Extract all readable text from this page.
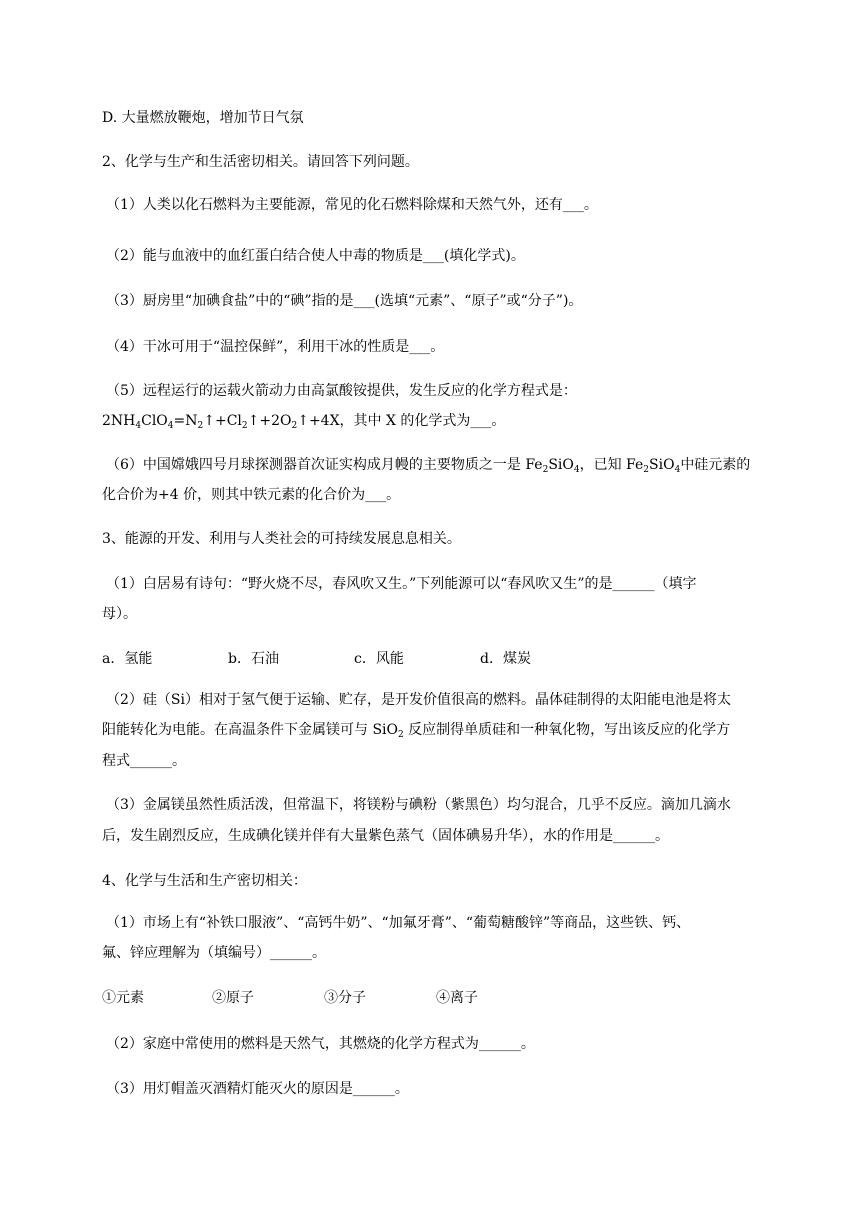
D. 大量燃放鞭炮，增加节日气氛
2、化学与生产和生活密切相关。请回答下列问题。
（1）人类以化石燃料为主要能源，常见的化石燃料除煤和天然气外，还有___。
（2）能与血液中的血红蛋白结合使人中毒的物质是___(填化学式)。
（3）厨房里“加碘食盐”中的“碘”指的是___(选填“元素”、“原子”或“分子”)。
（4）干冰可用于“温控保鲜”，利用干冰的性质是___。
（5）远程运行的运载火箭动力由高氯酸铵提供，发生反应的化学方程式是：
$2NH_4ClO_4=N_2↑+Cl_2↑+2O_2↑+4X$，其中 X 的化学式为___。
（6）中国嫦娥四号月球探测器首次证实构成月幔的主要物质之一是 $Fe_2SiO_4$，已知 $Fe_2SiO_4$中硅元素的
化合价为+4 价，则其中铁元素的化合价为___。
3、能源的开发、利用与人类社会的可持续发展息息相关。
（1）白居易有诗句：“野火烧不尽，春风吹又生。”下列能源可以“春风吹又生”的是______（填字
母）。
a．氢能	b．石油	c．风能	d．煤炭
（2）硅（Si）相对于氢气便于运输、贮存，是开发价值很高的燃料。晶体硅制得的太阳能电池是将太
阳能转化为电能。在高温条件下金属镁可与 SiO$_2$ 反应制得单质硅和一种氧化物，写出该反应的化学方
程式______。
（3）金属镁虽然性质活泼，但常温下，将镁粉与碘粉（紫黑色）均匀混合，几乎不反应。滴加几滴水
后，发生剧烈反应，生成碘化镁并伴有大量紫色蒸气（固体碘易升华），水的作用是______。
4、化学与生活和生产密切相关：
（1）市场上有“补铁口服液”、“高钙牛奶”、“加氟牙膏”、“葡萄糖酸锌”等商品，这些铁、钙、
氟、锌应理解为（填编号）______。
①元素	②原子	③分子	④离子
（2）家庭中常使用的燃料是天然气，其燃烧的化学方程式为______。
（3）用灯帽盖灭酒精灯能灭火的原因是______。
